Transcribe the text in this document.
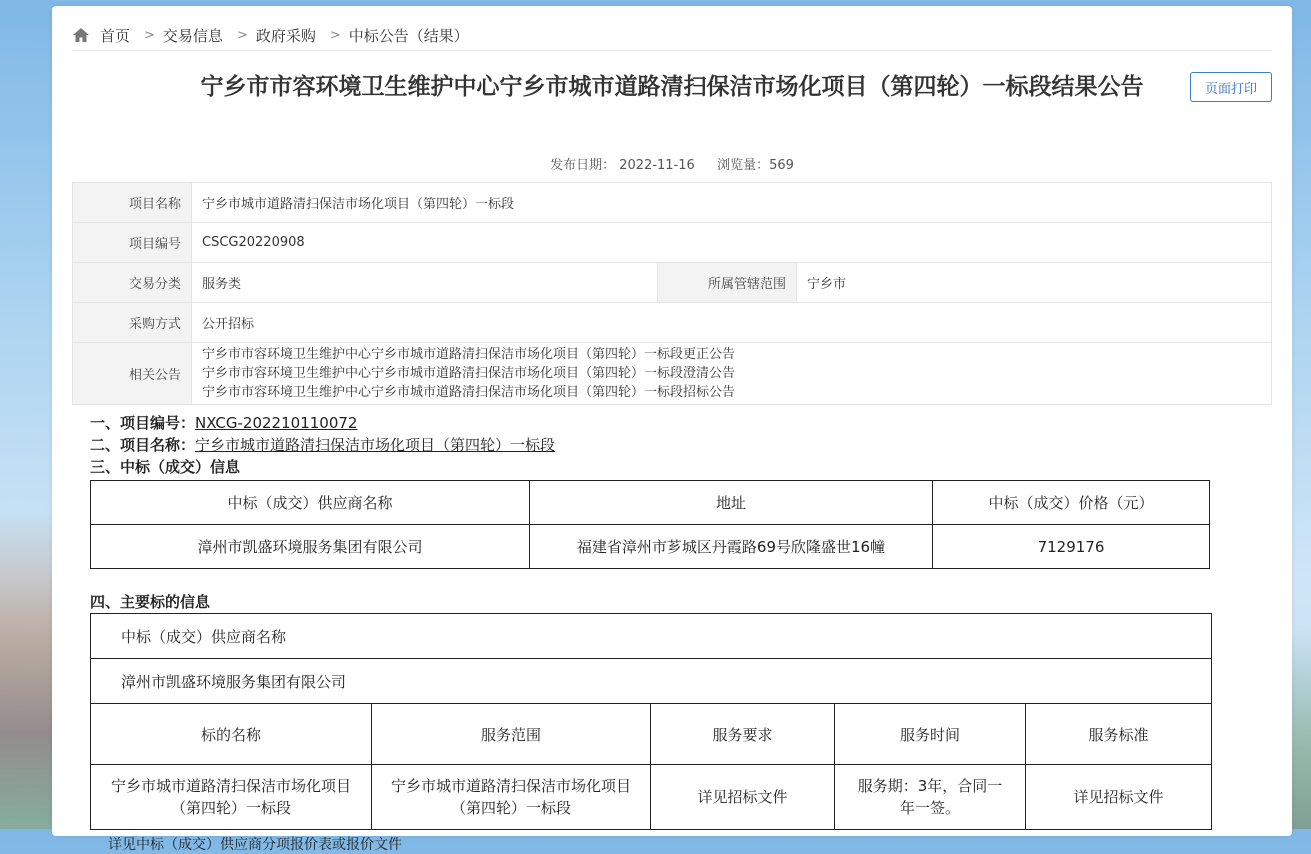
首页 > 交易信息 > 政府采购 > 中标公告（结果）
宁乡市市容环境卫生维护中心宁乡市城市道路清扫保洁市场化项目（第四轮）一标段结果公告	页面打印
发布日期： 2022-11-16 浏览量：569
项目名称	宁乡市城市道路清扫保洁市场化项目（第四轮）一标段		
项目编号	CSCG20220908		
交易分类	服务类	所属管辖范围	宁乡市
采购方式	公开招标		
相关公告	宁乡市市容环境卫生维护中心宁乡市城市道路清扫保洁市场化项目（第四轮）一标段更正公告
宁乡市市容环境卫生维护中心宁乡市城市道路清扫保洁市场化项目（第四轮）一标段澄清公告
宁乡市市容环境卫生维护中心宁乡市城市道路清扫保洁市场化项目（第四轮）一标段招标公告		
一、项目编号：NXCG-202210110072
二、项目名称：宁乡市城市道路清扫保洁市场化项目（第四轮）一标段
三、中标（成交）信息
中标（成交）供应商名称	地址	中标（成交）价格（元）
漳州市凯盛环境服务集团有限公司	福建省漳州市芗城区丹霞路69号欣隆盛世16幢	7129176
四、主要标的信息
中标（成交）供应商名称				
漳州市凯盛环境服务集团有限公司				
标的名称	服务范围	服务要求	服务时间	服务标准
宁乡市城市道路清扫保洁市场化项目（第四轮）一标段	宁乡市城市道路清扫保洁市场化项目（第四轮）一标段	详见招标文件	服务期：3年，合同一年一签。	详见招标文件
详见中标（成交）供应商分项报价表或报价文件
